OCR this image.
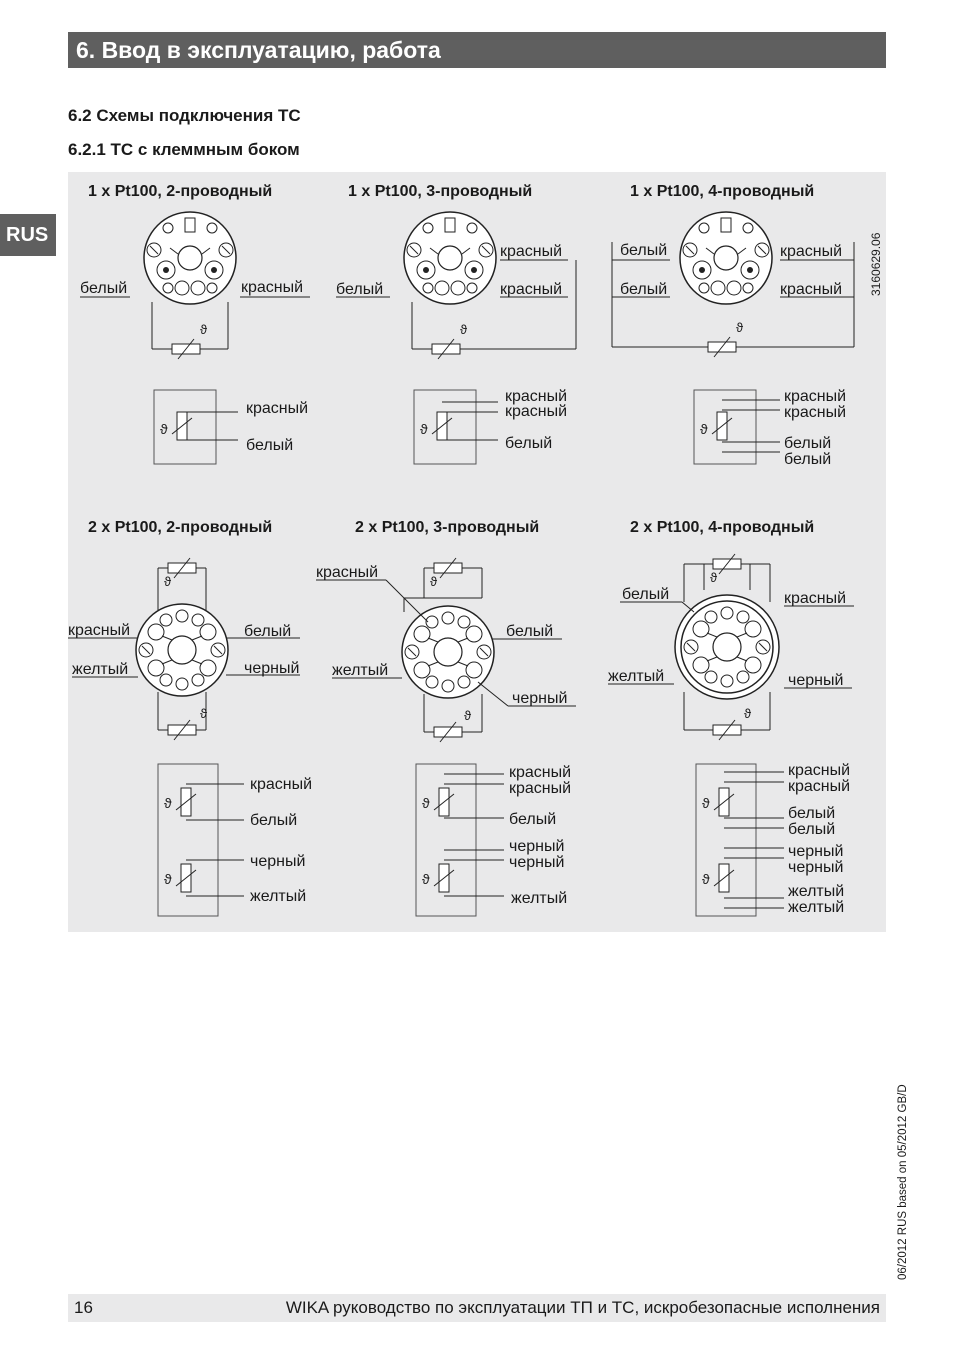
6. Ввод в эксплуатацию, работа
RUS
6.2 Схемы подключения ТС
6.2.1 ТС с клеммным боком
1 x Pt100, 2-проводный	1 x Pt100, 3-проводный	1 x Pt100, 4-проводный
2 x Pt100, 2-проводный	2 x Pt100, 3-проводный	2 x Pt100, 4-проводный
3160629.06
ϑ
белый	красный
ϑ
красный
белый
ϑ
белый
красный
красный
ϑ
красный
красный
белый
ϑ
белый
белый
красный
красный
ϑ
красный
красный
белый
белый
ϑ
ϑ
красный
желтый
белый
черный
ϑ
ϑ
красный
белый
черный
желтый
ϑ
ϑ
красный
желтый
белый
черный
ϑ
ϑ
красный
красный
белый
черный
черный
желтый
ϑ
ϑ
белый
желтый
красный
черный
ϑ
ϑ
красный
красный
белый
белый
черный
черный
желтый
желтый
06/2012 RUS based on 05/2012 GB/D
16	WIKA руководство по эксплуатации ТП и ТС, искробезопасные исполнения
